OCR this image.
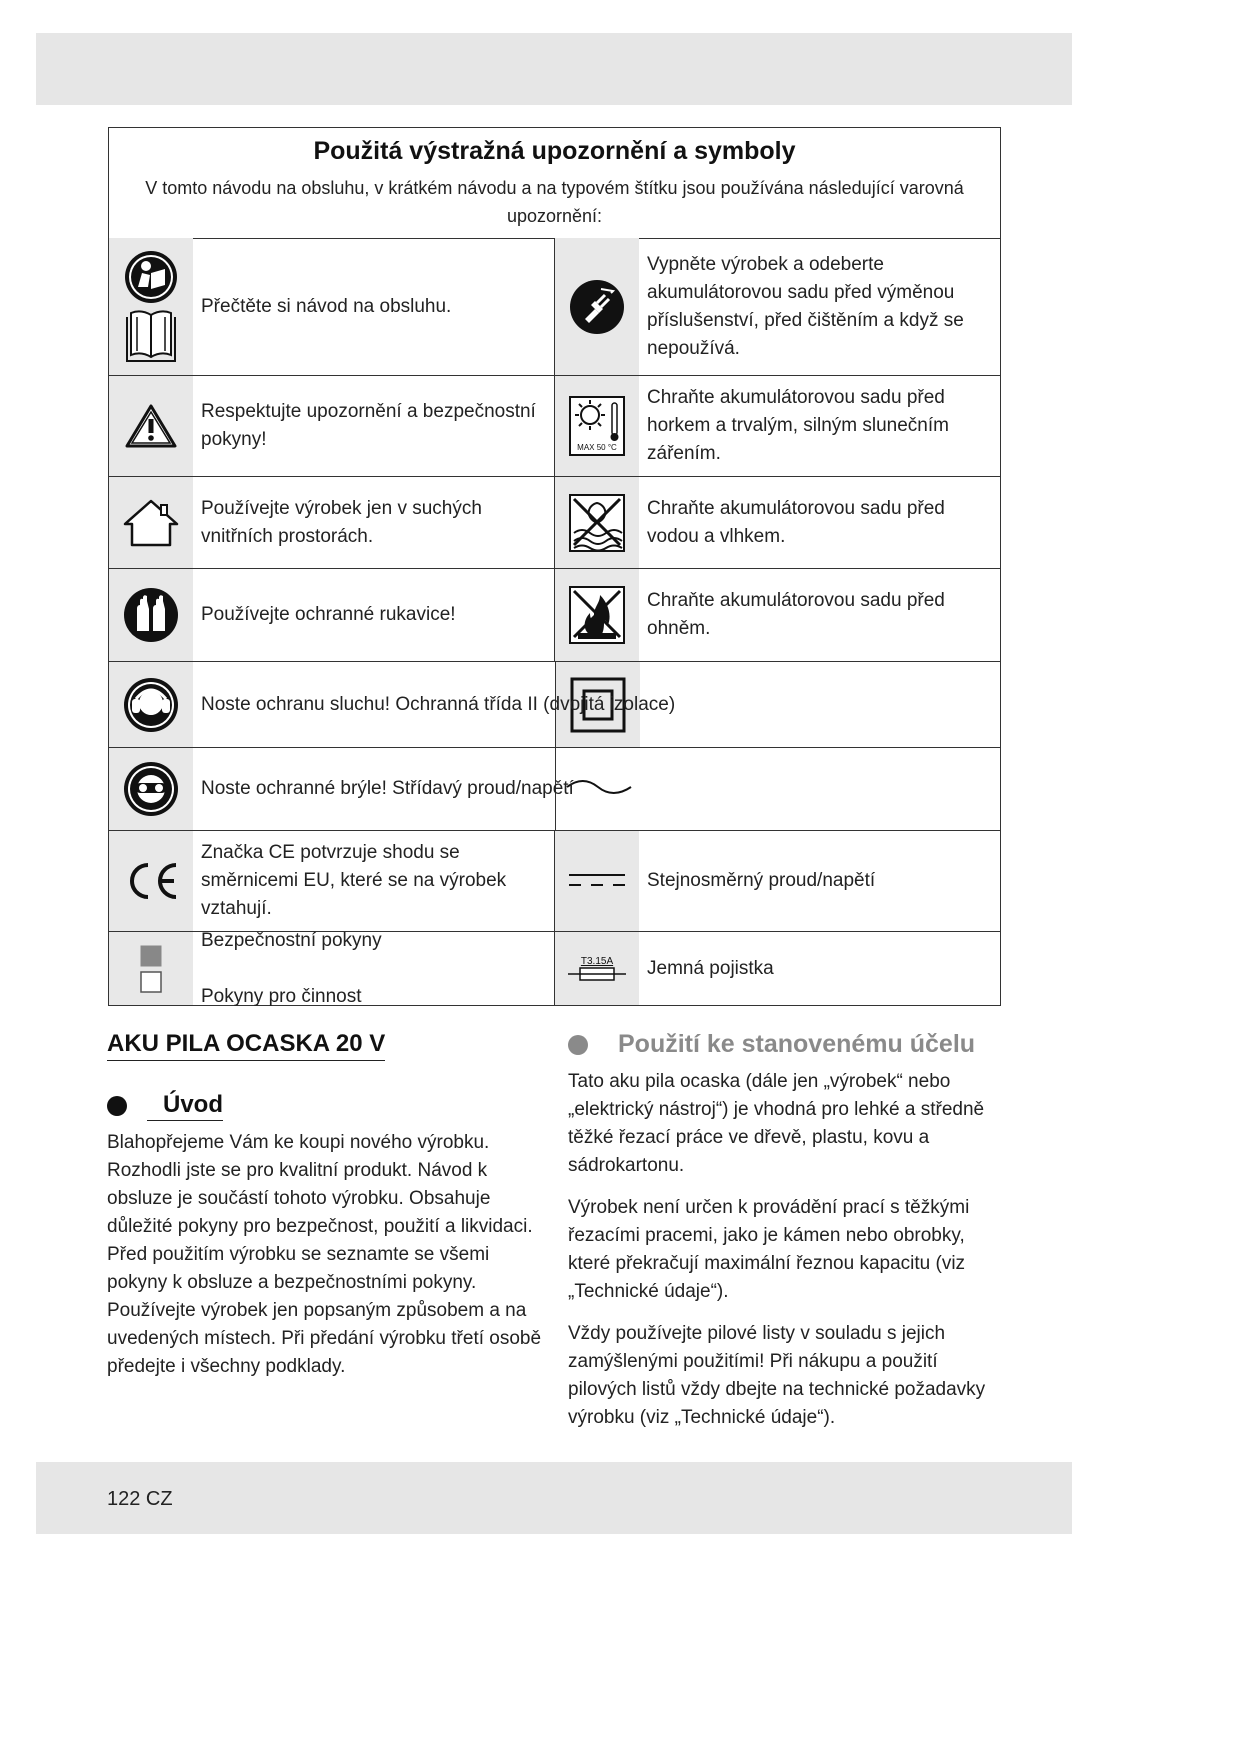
Použitá výstražná upozornění a symboly

V tomto návodu na obsluhu, v krátkém návodu a na typovém štítku jsou používána následující varovná upozornění:

Přečtěte si návod na obsluhu.
Vypněte výrobek a odeberte akumulátorovou sadu před výměnou příslušenství, před čištěním a když se nepoužívá.
Respektujte upozornění a bezpečnostní pokyny!	MAX 50 °C
Chraňte akumulátorovou sadu před horkem a trvalým, silným slunečním zářením.
Používejte výrobek jen v suchých vnitřních prostorách.
Chraňte akumulátorovou sadu před vodou a vlhkem.
Používejte ochranné rukavice!
Chraňte akumulátorovou sadu před ohněm.
Noste ochranu sluchu! Ochranná třída II (dvojitá izolace)
Noste ochranné brýle! Střídavý proud/napětí
Značka CE potvrzuje shodu se směrnicemi EU, které se na výrobek vztahují.
Stejnosměrný proud/napětí
Bezpečnostní pokyny

Pokyny pro činnost
T3.15A Jemná pojistka
AKU PILA OCASKA 20 V
Úvod

Blahopřejeme Vám ke koupi nového výrobku. Rozhodli jste se pro kvalitní produkt. Návod k obsluze je součástí tohoto výrobku. Obsahuje důležité pokyny pro bezpečnost, použití a likvidaci. Před použitím výrobku se seznamte se všemi pokyny k obsluze a bezpečnostními pokyny. Používejte výrobek jen popsaným způsobem a na uvedených místech. Při předání výrobku třetí osobě předejte i všechny podklady.

Použití ke stanovenému účelu

Tato aku pila ocaska (dále jen „výrobek“ nebo „elektrický nástroj“) je vhodná pro lehké a středně těžké řezací práce ve dřevě, plastu, kovu a sádrokartonu.

Výrobek není určen k provádění prací s těžkými řezacími pracemi, jako je kámen nebo obrobky, které překračují maximální řeznou kapacitu (viz „Technické údaje“).

Vždy používejte pilové listy v souladu s jejich zamýšlenými použitími! Při nákupu a použití pilových listů vždy dbejte na technické požadavky výrobku (viz „Technické údaje“).

122 CZ
